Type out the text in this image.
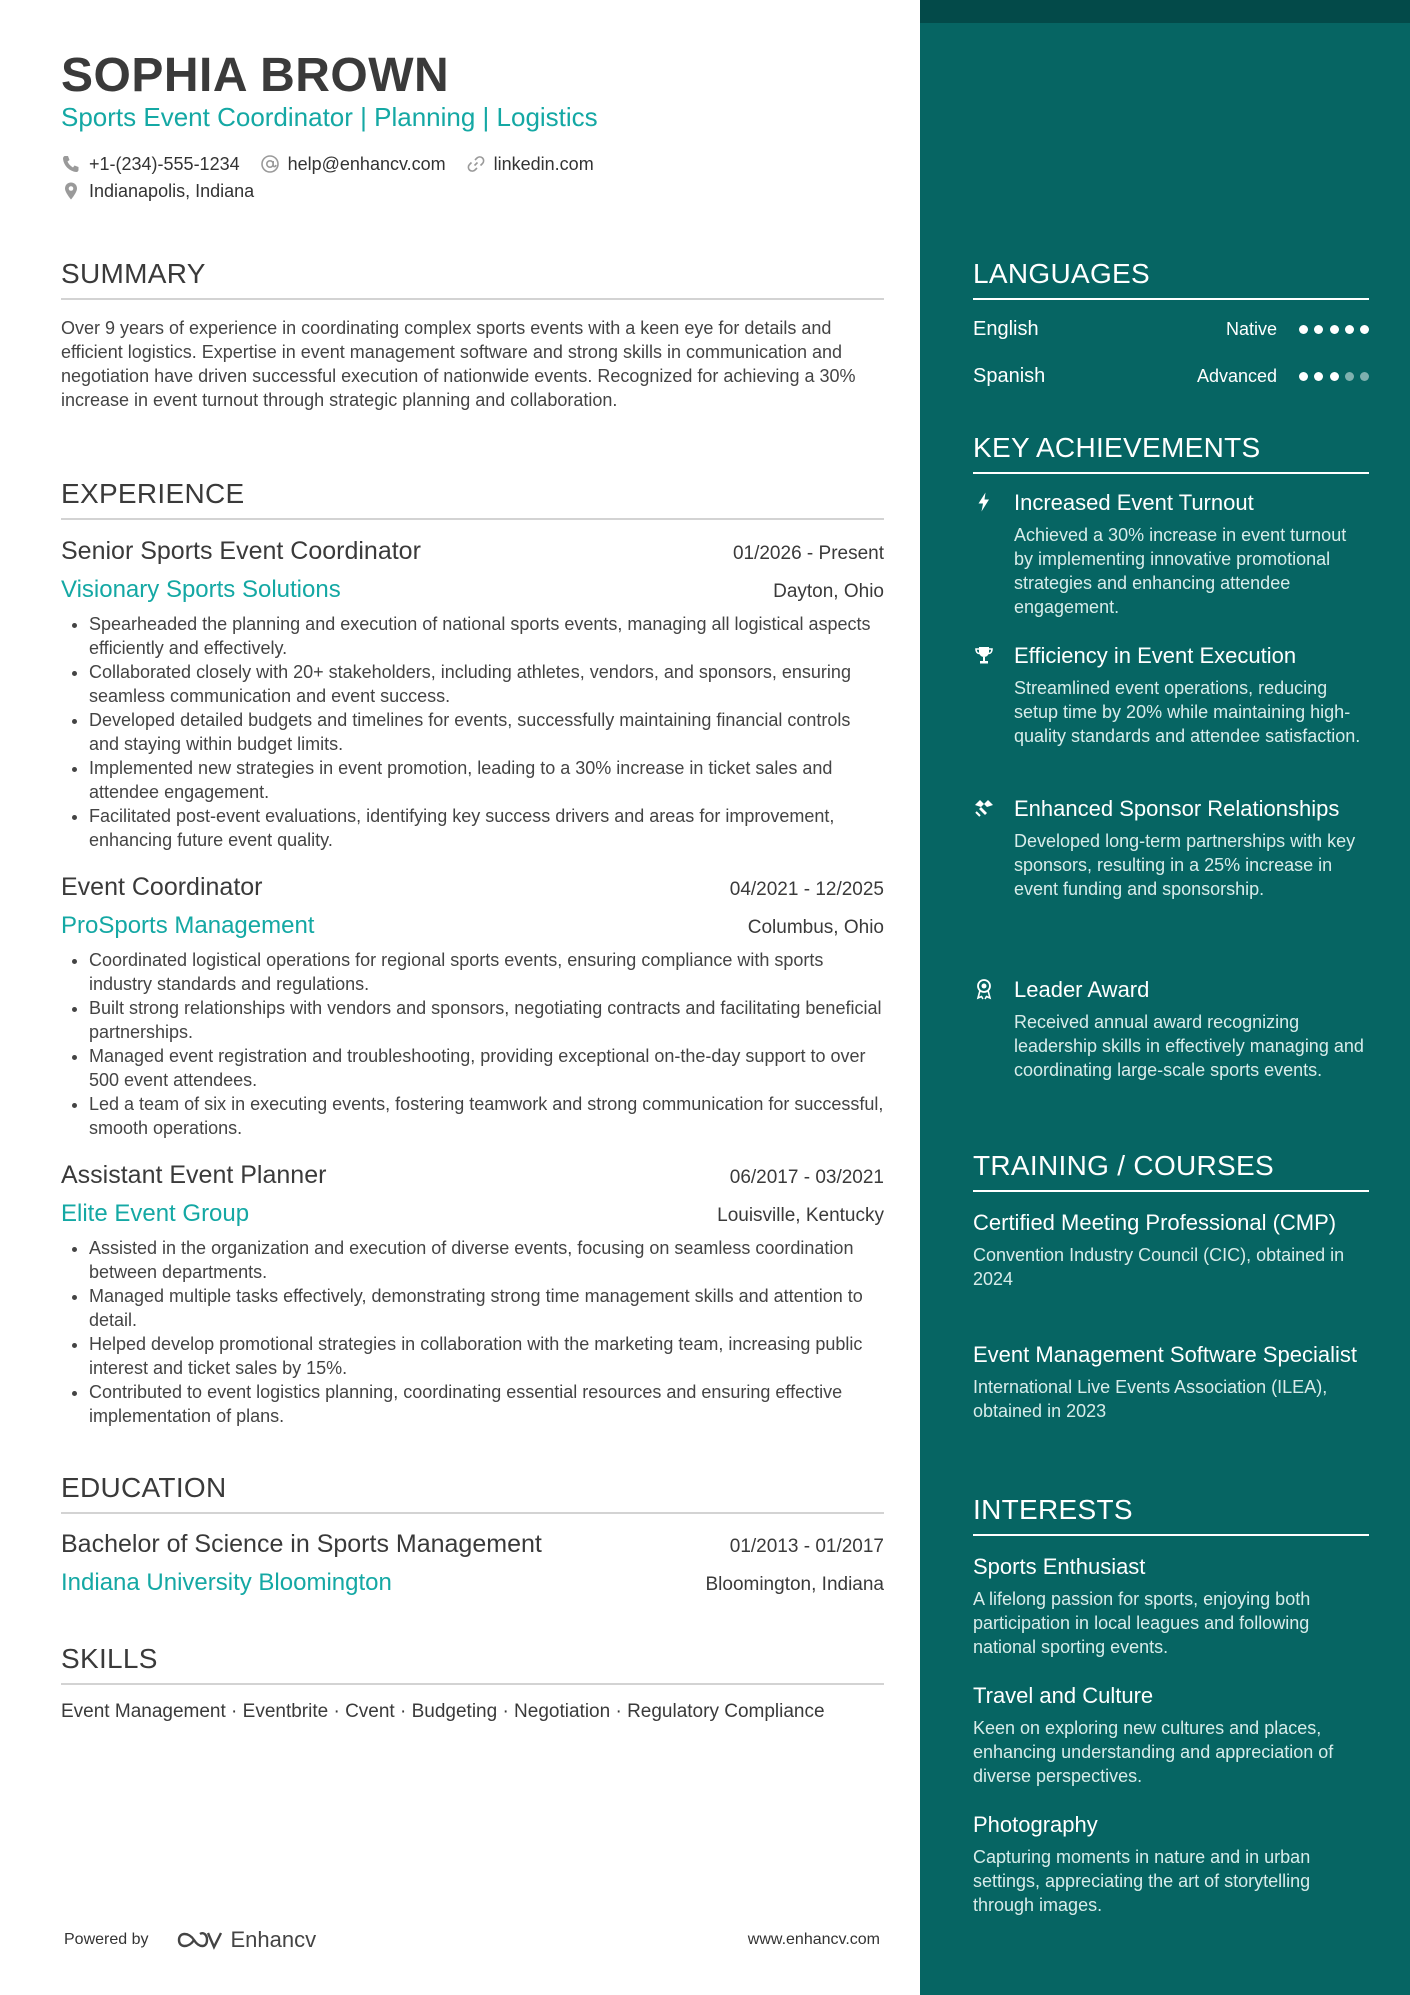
SOPHIA BROWN
Sports Event Coordinator | Planning | Logistics
+1-(234)-555-1234	help@enhancv.com	linkedin.com
Indianapolis, Indiana
SUMMARY
Over 9 years of experience in coordinating complex sports events with a keen eye for details and efficient logistics. Expertise in event management software and strong skills in communication and negotiation have driven successful execution of nationwide events. Recognized for achieving a 30% increase in event turnout through strategic planning and collaboration.
EXPERIENCE
Senior Sports Event Coordinator	01/2026 - Present
Visionary Sports Solutions	Dayton, Ohio
• Spearheaded the planning and execution of national sports events, managing all logistical aspects efficiently and effectively.
• Collaborated closely with 20+ stakeholders, including athletes, vendors, and sponsors, ensuring seamless communication and event success.
• Developed detailed budgets and timelines for events, successfully maintaining financial controls and staying within budget limits.
• Implemented new strategies in event promotion, leading to a 30% increase in ticket sales and attendee engagement.
• Facilitated post-event evaluations, identifying key success drivers and areas for improvement, enhancing future event quality.
Event Coordinator	04/2021 - 12/2025
ProSports Management	Columbus, Ohio
• Coordinated logistical operations for regional sports events, ensuring compliance with sports industry standards and regulations.
• Built strong relationships with vendors and sponsors, negotiating contracts and facilitating beneficial partnerships.
• Managed event registration and troubleshooting, providing exceptional on-the-day support to over 500 event attendees.
• Led a team of six in executing events, fostering teamwork and strong communication for successful, smooth operations.
Assistant Event Planner	06/2017 - 03/2021
Elite Event Group	Louisville, Kentucky
• Assisted in the organization and execution of diverse events, focusing on seamless coordination between departments.
• Managed multiple tasks effectively, demonstrating strong time management skills and attention to detail.
• Helped develop promotional strategies in collaboration with the marketing team, increasing public interest and ticket sales by 15%.
• Contributed to event logistics planning, coordinating essential resources and ensuring effective implementation of plans.
EDUCATION
Bachelor of Science in Sports Management	01/2013 - 01/2017
Indiana University Bloomington	Bloomington, Indiana
SKILLS
Event Management · Eventbrite · Cvent · Budgeting · Negotiation · Regulatory Compliance
Powered by	Enhancv	www.enhancv.com
LANGUAGES
English	Native
Spanish	Advanced
KEY ACHIEVEMENTS
Increased Event Turnout
Achieved a 30% increase in event turnout by implementing innovative promotional strategies and enhancing attendee engagement.
Efficiency in Event Execution
Streamlined event operations, reducing setup time by 20% while maintaining high-quality standards and attendee satisfaction.
Enhanced Sponsor Relationships
Developed long-term partnerships with key sponsors, resulting in a 25% increase in event funding and sponsorship.
Leader Award
Received annual award recognizing leadership skills in effectively managing and coordinating large-scale sports events.
TRAINING / COURSES
Certified Meeting Professional (CMP)
Convention Industry Council (CIC), obtained in 2024
Event Management Software Specialist
International Live Events Association (ILEA), obtained in 2023
INTERESTS
Sports Enthusiast
A lifelong passion for sports, enjoying both participation in local leagues and following national sporting events.
Travel and Culture
Keen on exploring new cultures and places, enhancing understanding and appreciation of diverse perspectives.
Photography
Capturing moments in nature and in urban settings, appreciating the art of storytelling through images.
